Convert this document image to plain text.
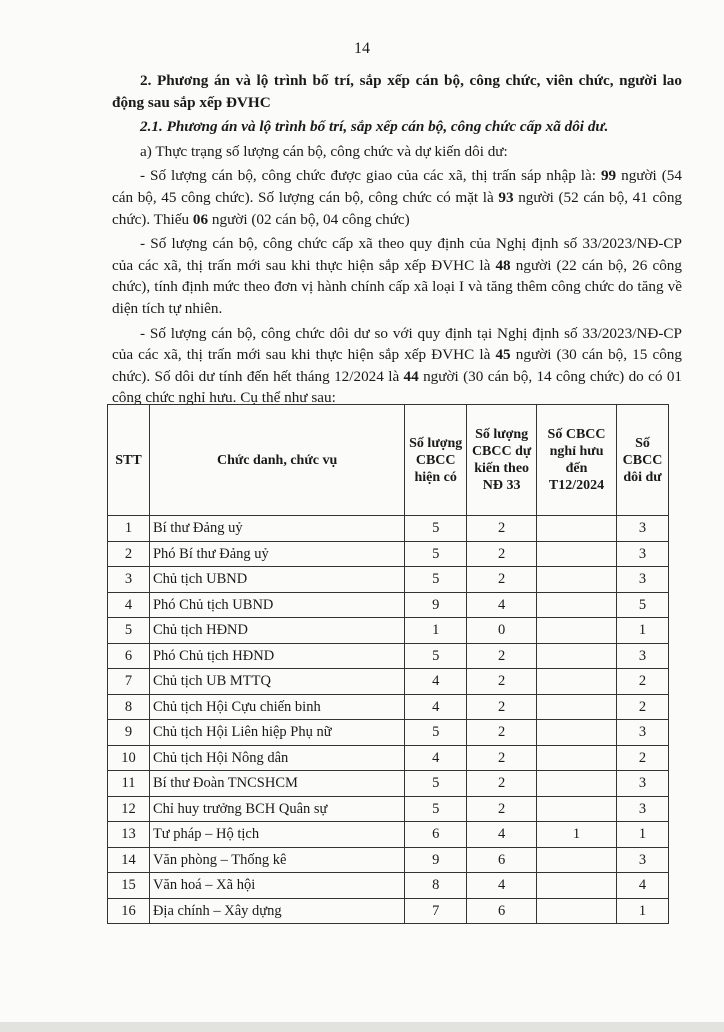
14

2. Phương án và lộ trình bố trí, sắp xếp cán bộ, công chức, viên chức, người lao động sau sắp xếp ĐVHC

2.1. Phương án và lộ trình bố trí, sắp xếp cán bộ, công chức cấp xã dôi dư.

a) Thực trạng số lượng cán bộ, công chức và dự kiến dôi dư:

- Số lượng cán bộ, công chức được giao của các xã, thị trấn sáp nhập là: 99 người (54 cán bộ, 45 công chức). Số lượng cán bộ, công chức có mặt là 93 người (52 cán bộ, 41 công chức). Thiếu 06 người (02 cán bộ, 04 công chức)

- Số lượng cán bộ, công chức cấp xã theo quy định của Nghị định số 33/2023/NĐ-CP của các xã, thị trấn mới sau khi thực hiện sắp xếp ĐVHC là 48 người (22 cán bộ, 26 công chức), tính định mức theo đơn vị hành chính cấp xã loại I và tăng thêm công chức do tăng về diện tích tự nhiên.

- Số lượng cán bộ, công chức dôi dư so với quy định tại Nghị định số 33/2023/NĐ-CP của các xã, thị trấn mới sau khi thực hiện sắp xếp ĐVHC là 45 người (30 cán bộ, 15 công chức). Số dôi dư tính đến hết tháng 12/2024 là 44 người (30 cán bộ, 14 công chức) do có 01 công chức nghỉ hưu. Cụ thể như sau:

STT	Chức danh, chức vụ	Số lượng CBCC hiện có	Số lượng CBCC dự kiến theo NĐ 33	Số CBCC nghỉ hưu đến T12/2024	Số CBCC dôi dư
1	Bí thư Đảng uỷ	5	2		3
2	Phó Bí thư Đảng uỷ	5	2		3
3	Chủ tịch UBND	5	2		3
4	Phó Chủ tịch UBND	9	4		5
5	Chủ tịch HĐND	1	0		1
6	Phó Chủ tịch HĐND	5	2		3
7	Chủ tịch UB MTTQ	4	2		2
8	Chủ tịch Hội Cựu chiến binh	4	2		2
9	Chủ tịch Hội Liên hiệp Phụ nữ	5	2		3
10	Chủ tịch Hội Nông dân	4	2		2
11	Bí thư Đoàn TNCSHCM	5	2		3
12	Chỉ huy trưởng BCH Quân sự	5	2		3
13	Tư pháp – Hộ tịch	6	4	1	1
14	Văn phòng – Thống kê	9	6		3
15	Văn hoá – Xã hội	8	4		4
16	Địa chính – Xây dựng	7	6		1
